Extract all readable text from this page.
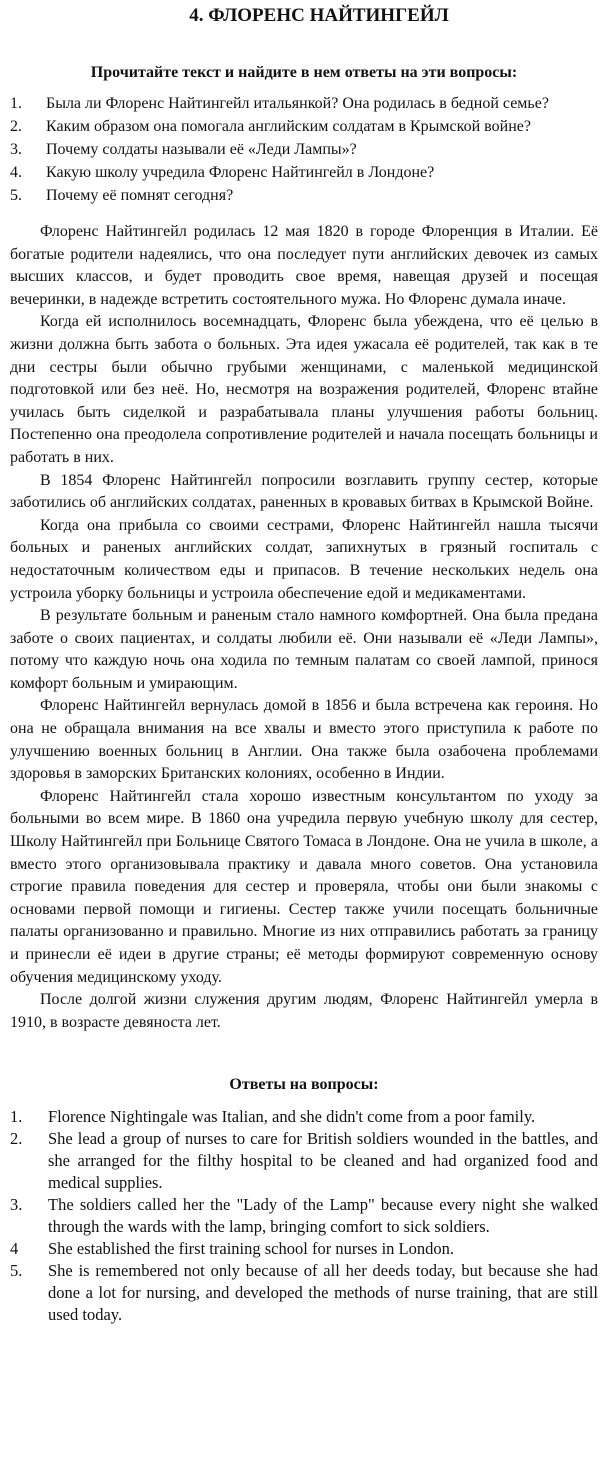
4. ФЛОРЕНС НАЙТИНГЕЙЛ
Прочитайте текст и найдите в нем ответы на эти вопросы:
1.	Была ли Флоренс Найтингейл итальянкой? Она родилась в бедной семье?
2.	Каким образом она помогала английским солдатам в Крымской войне?
3.	Почему солдаты называли её «Леди Лампы»?
4.	Какую школу учредила Флоренс Найтингейл в Лондоне?
5.	Почему её помнят сегодня?

Флоренс Найтингейл родилась 12 мая 1820 в городе Флоренция в Италии. Её богатые родители надеялись, что она последует пути английских девочек из самых высших классов, и будет проводить свое время, навещая друзей и посещая вечеринки, в надежде встретить состоятельного мужа. Но Флоренс думала иначе.

Когда ей исполнилось восемнадцать, Флоренс была убеждена, что её целью в жизни должна быть забота о больных. Эта идея ужасала её родителей, так как в те дни сестры были обычно грубыми женщинами, с маленькой медицинской подготовкой или без неё. Но, несмотря на возражения родителей, Флоренс втайне училась быть сиделкой и разрабатывала планы улучшения работы больниц. Постепенно она преодолела сопротивление родителей и начала посещать больницы и работать в них.

В 1854 Флоренс Найтингейл попросили возглавить группу сестер, которые заботились об английских солдатах, раненных в кровавых битвах в Крымской Войне.

Когда она прибыла со своими сестрами, Флоренс Найтингейл нашла тысячи больных и раненых английских солдат, запихнутых в грязный госпиталь с недостаточным количеством еды и припасов. В течение нескольких недель она устроила уборку больницы и устроила обеспечение едой и медикаментами.

В результате больным и раненым стало намного комфортней. Она была предана заботе о своих пациентах, и солдаты любили её. Они называли её «Леди Лампы», потому что каждую ночь она ходила по темным палатам со своей лампой, принося комфорт больным и умирающим.

Флоренс Найтингейл вернулась домой в 1856 и была встречена как героиня. Но она не обращала внимания на все хвалы и вместо этого приступила к работе по улучшению военных больниц в Англии. Она также была озабочена проблемами здоровья в заморских Британских колониях, особенно в Индии.

Флоренс Найтингейл стала хорошо известным консультантом по уходу за больными во всем мире. В 1860 она учредила первую учебную школу для сестер, Школу Найтингейл при Больнице Святого Томаса в Лондоне. Она не учила в школе, а вместо этого организовывала практику и давала много советов. Она установила строгие правила поведения для сестер и проверяла, чтобы они были знакомы с основами первой помощи и гигиены. Сестер также учили посещать больничные палаты организованно и правильно. Многие из них отправились работать за границу и принесли её идеи в другие страны; её методы формируют современную основу обучения медицинскому уходу.

После долгой жизни служения другим людям, Флоренс Найтингейл умерла в 1910, в возрасте девяноста лет.

Ответы на вопросы:
1.	Florence Nightingale was Italian, and she didn't come from a poor family.
2.	She lead a group of nurses to care for British soldiers wounded in the battles, and she arranged for the filthy hospital to be cleaned and had organized food and medical supplies.
3.	The soldiers called her the "Lady of the Lamp" because every night she walked through the wards with the lamp, bringing comfort to sick soldiers.
4	She established the first training school for nurses in London.
5.	She is remembered not only because of all her deeds today, but because she had done a lot for nursing, and developed the methods of nurse training, that are still used today.
